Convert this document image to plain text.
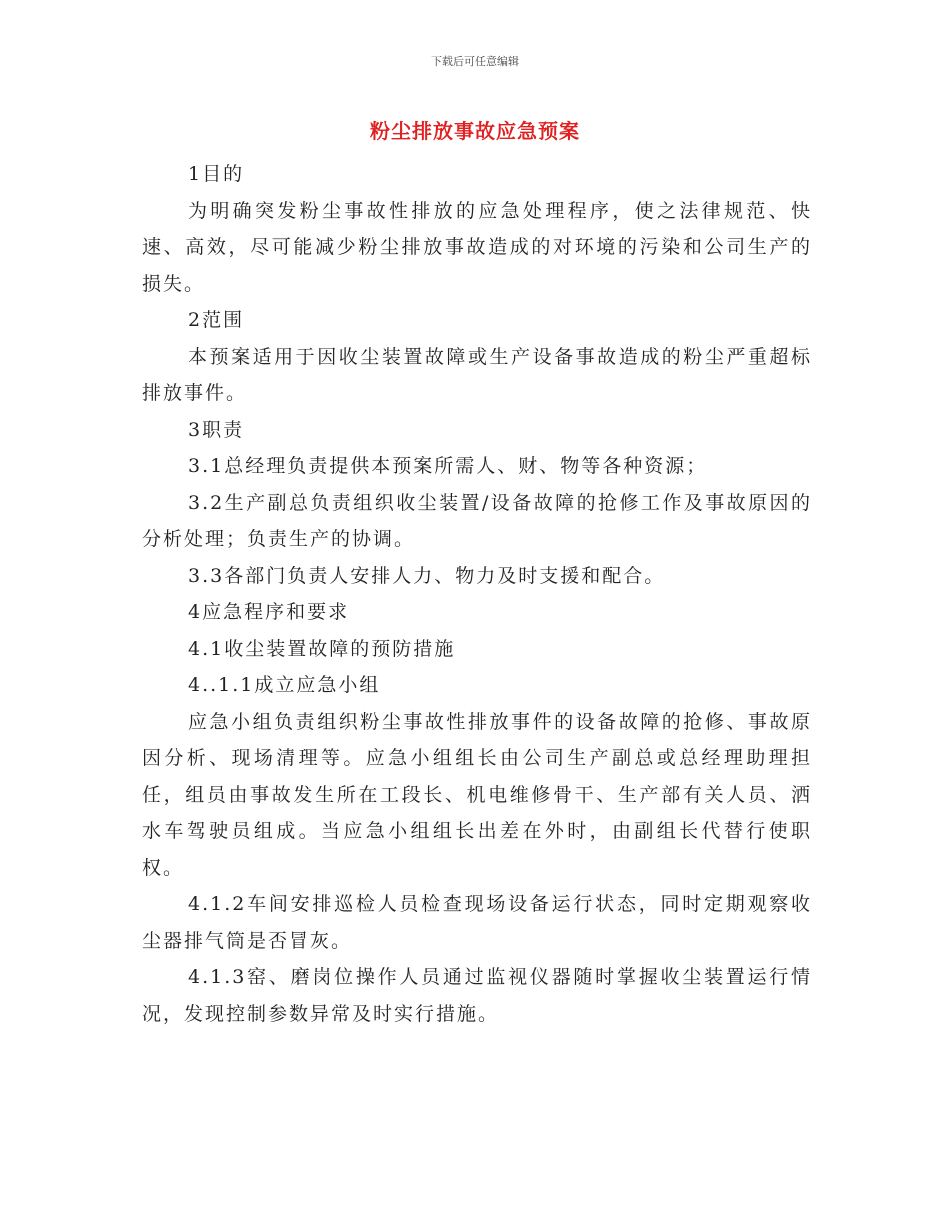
下载后可任意编辑
粉尘排放事故应急预案

1目的

为明确突发粉尘事故性排放的应急处理程序，使之法律规范、快速、高效，尽可能减少粉尘排放事故造成的对环境的污染和公司生产的损失。

2范围

本预案适用于因收尘装置故障或生产设备事故造成的粉尘严重超标排放事件。

3职责

3.1总经理负责提供本预案所需人、财、物等各种资源；

3.2生产副总负责组织收尘装置/设备故障的抢修工作及事故原因的分析处理；负责生产的协调。

3.3各部门负责人安排人力、物力及时支援和配合。

4应急程序和要求

4.1收尘装置故障的预防措施

4..1.1成立应急小组

应急小组负责组织粉尘事故性排放事件的设备故障的抢修、事故原因分析、现场清理等。应急小组组长由公司生产副总或总经理助理担任，组员由事故发生所在工段长、机电维修骨干、生产部有关人员、洒水车驾驶员组成。当应急小组组长出差在外时，由副组长代替行使职权。

4.1.2车间安排巡检人员检查现场设备运行状态，同时定期观察收尘器排气筒是否冒灰。

4.1.3窑、磨岗位操作人员通过监视仪器随时掌握收尘装置运行情况，发现控制参数异常及时实行措施。
